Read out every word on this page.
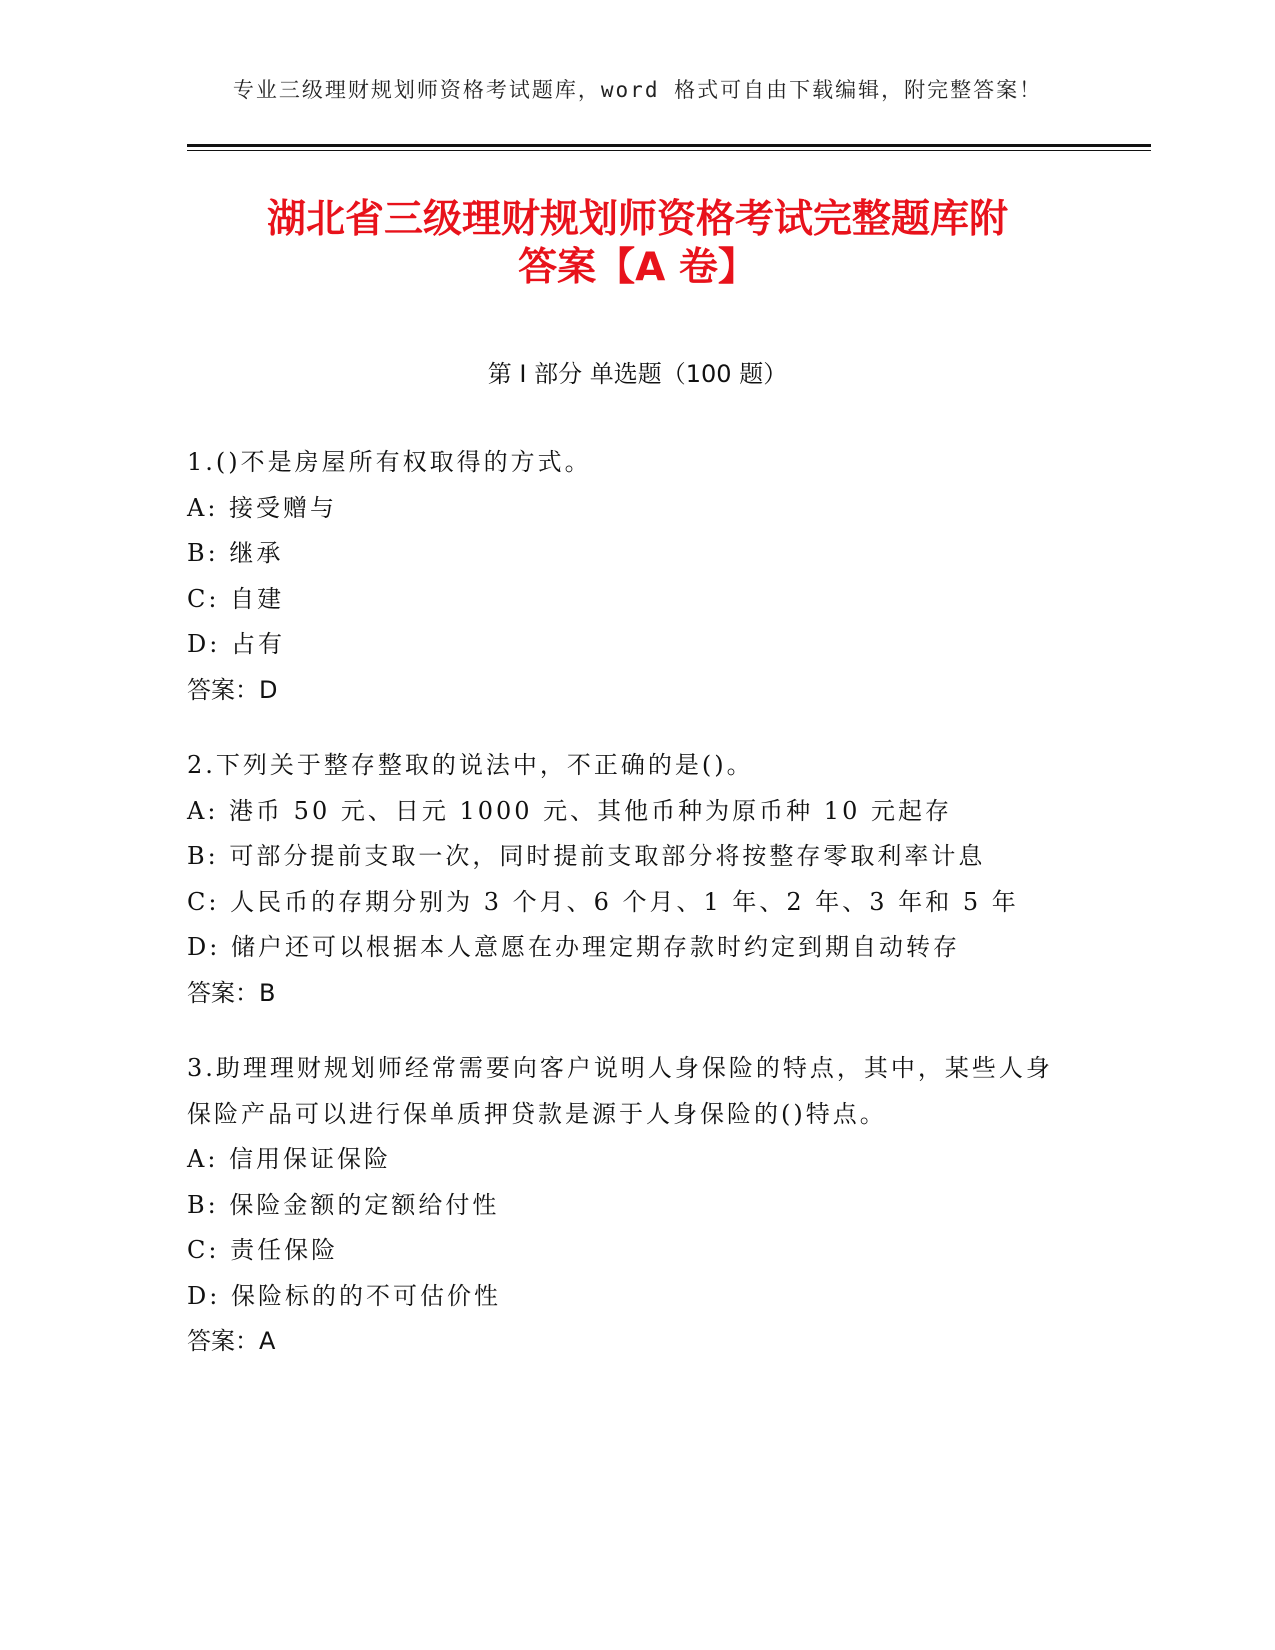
专业三级理财规划师资格考试题库，word 格式可自由下载编辑，附完整答案！
湖北省三级理财规划师资格考试完整题库附
答案【A 卷】
第 I 部分 单选题（100 题）
1.()不是房屋所有权取得的方式。
A: 接受赠与
B: 继承
C: 自建
D: 占有
答案：D
2.下列关于整存整取的说法中，不正确的是()。
A: 港币 50 元、日元 1000 元、其他币种为原币种 10 元起存
B: 可部分提前支取一次，同时提前支取部分将按整存零取利率计息
C: 人民币的存期分别为 3 个月、6 个月、1 年、2 年、3 年和 5 年
D: 储户还可以根据本人意愿在办理定期存款时约定到期自动转存
答案：B
3.助理理财规划师经常需要向客户说明人身保险的特点，其中，某些人身保险产品可以进行保单质押贷款是源于人身保险的()特点。
A: 信用保证保险
B: 保险金额的定额给付性
C: 责任保险
D: 保险标的的不可估价性
答案：A
